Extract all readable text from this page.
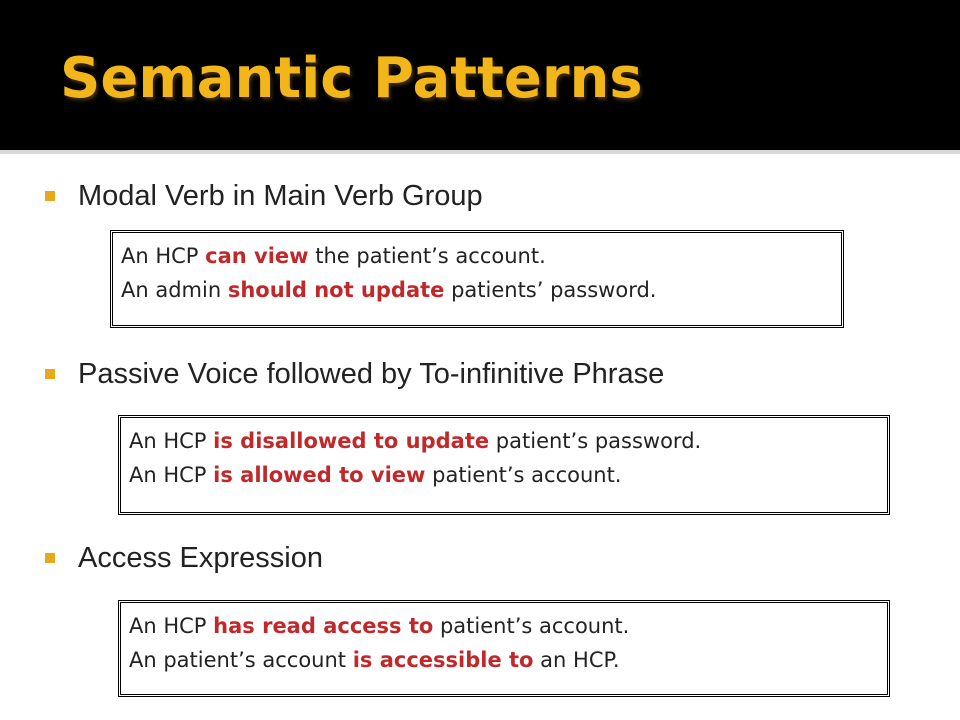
Semantic Patterns
Modal Verb in Main Verb Group
An HCP can view the patient’s account.
An admin should not update patients’ password.
Passive Voice followed by To-infinitive Phrase
An HCP is disallowed to update patient’s password.
An HCP is allowed to view patient’s account.
Access Expression
An HCP has read access to patient’s account.
An patient’s account is accessible to an HCP.
